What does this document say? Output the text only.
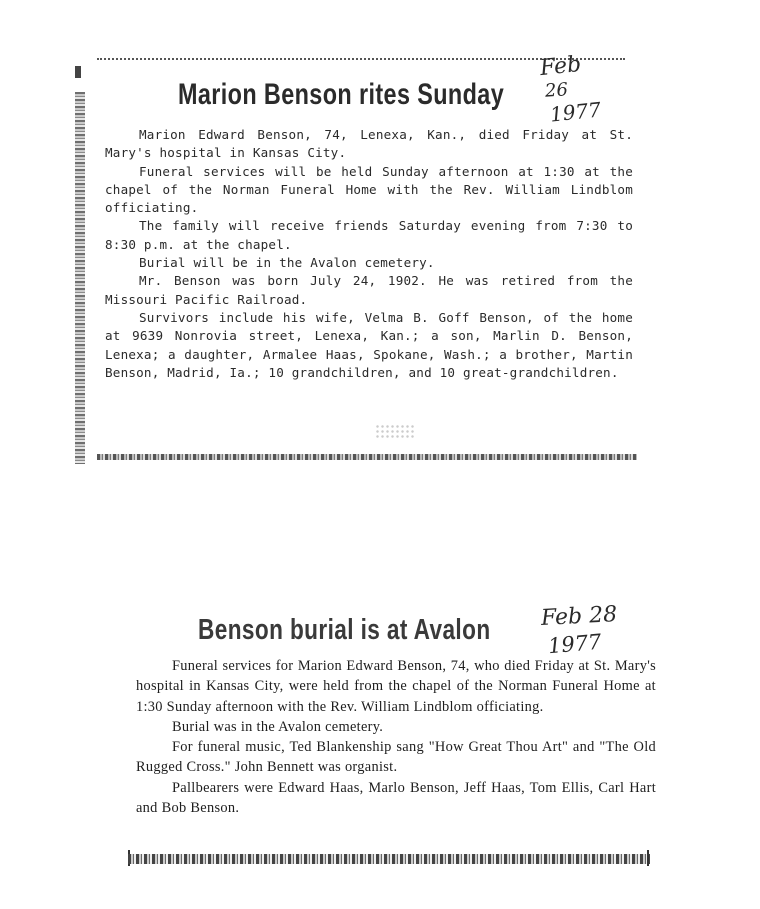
Marion Benson rites Sunday
Feb
26
1977

Marion Edward Benson, 74, Lenexa, Kan., died Friday at St. Mary's hospital in Kansas City.

Funeral services will be held Sunday afternoon at 1:30 at the chapel of the Norman Funeral Home with the Rev. William Lindblom officiating.

The family will receive friends Saturday evening from 7:30 to 8:30 p.m. at the chapel.

Burial will be in the Avalon cemetery.

Mr. Benson was born July 24, 1902. He was retired from the Missouri Pacific Railroad.

Survivors include his wife, Velma B. Goff Benson, of the home at 9639 Nonrovia street, Lenexa, Kan.; a son, Marlin D. Benson, Lenexa; a daughter, Armalee Haas, Spokane, Wash.; a brother, Martin Benson, Madrid, Ia.; 10 grandchildren, and 10 great-grandchildren.

Benson burial is at Avalon Feb 28
1977

Funeral services for Marion Edward Benson, 74, who died Friday at St. Mary's hospital in Kansas City, were held from the chapel of the Norman Funeral Home at 1:30 Sunday afternoon with the Rev. William Lindblom officiating.

Burial was in the Avalon cemetery.

For funeral music, Ted Blankenship sang "How Great Thou Art" and "The Old Rugged Cross." John Bennett was organist.

Pallbearers were Edward Haas, Marlo Benson, Jeff Haas, Tom Ellis, Carl Hart and Bob Benson.
